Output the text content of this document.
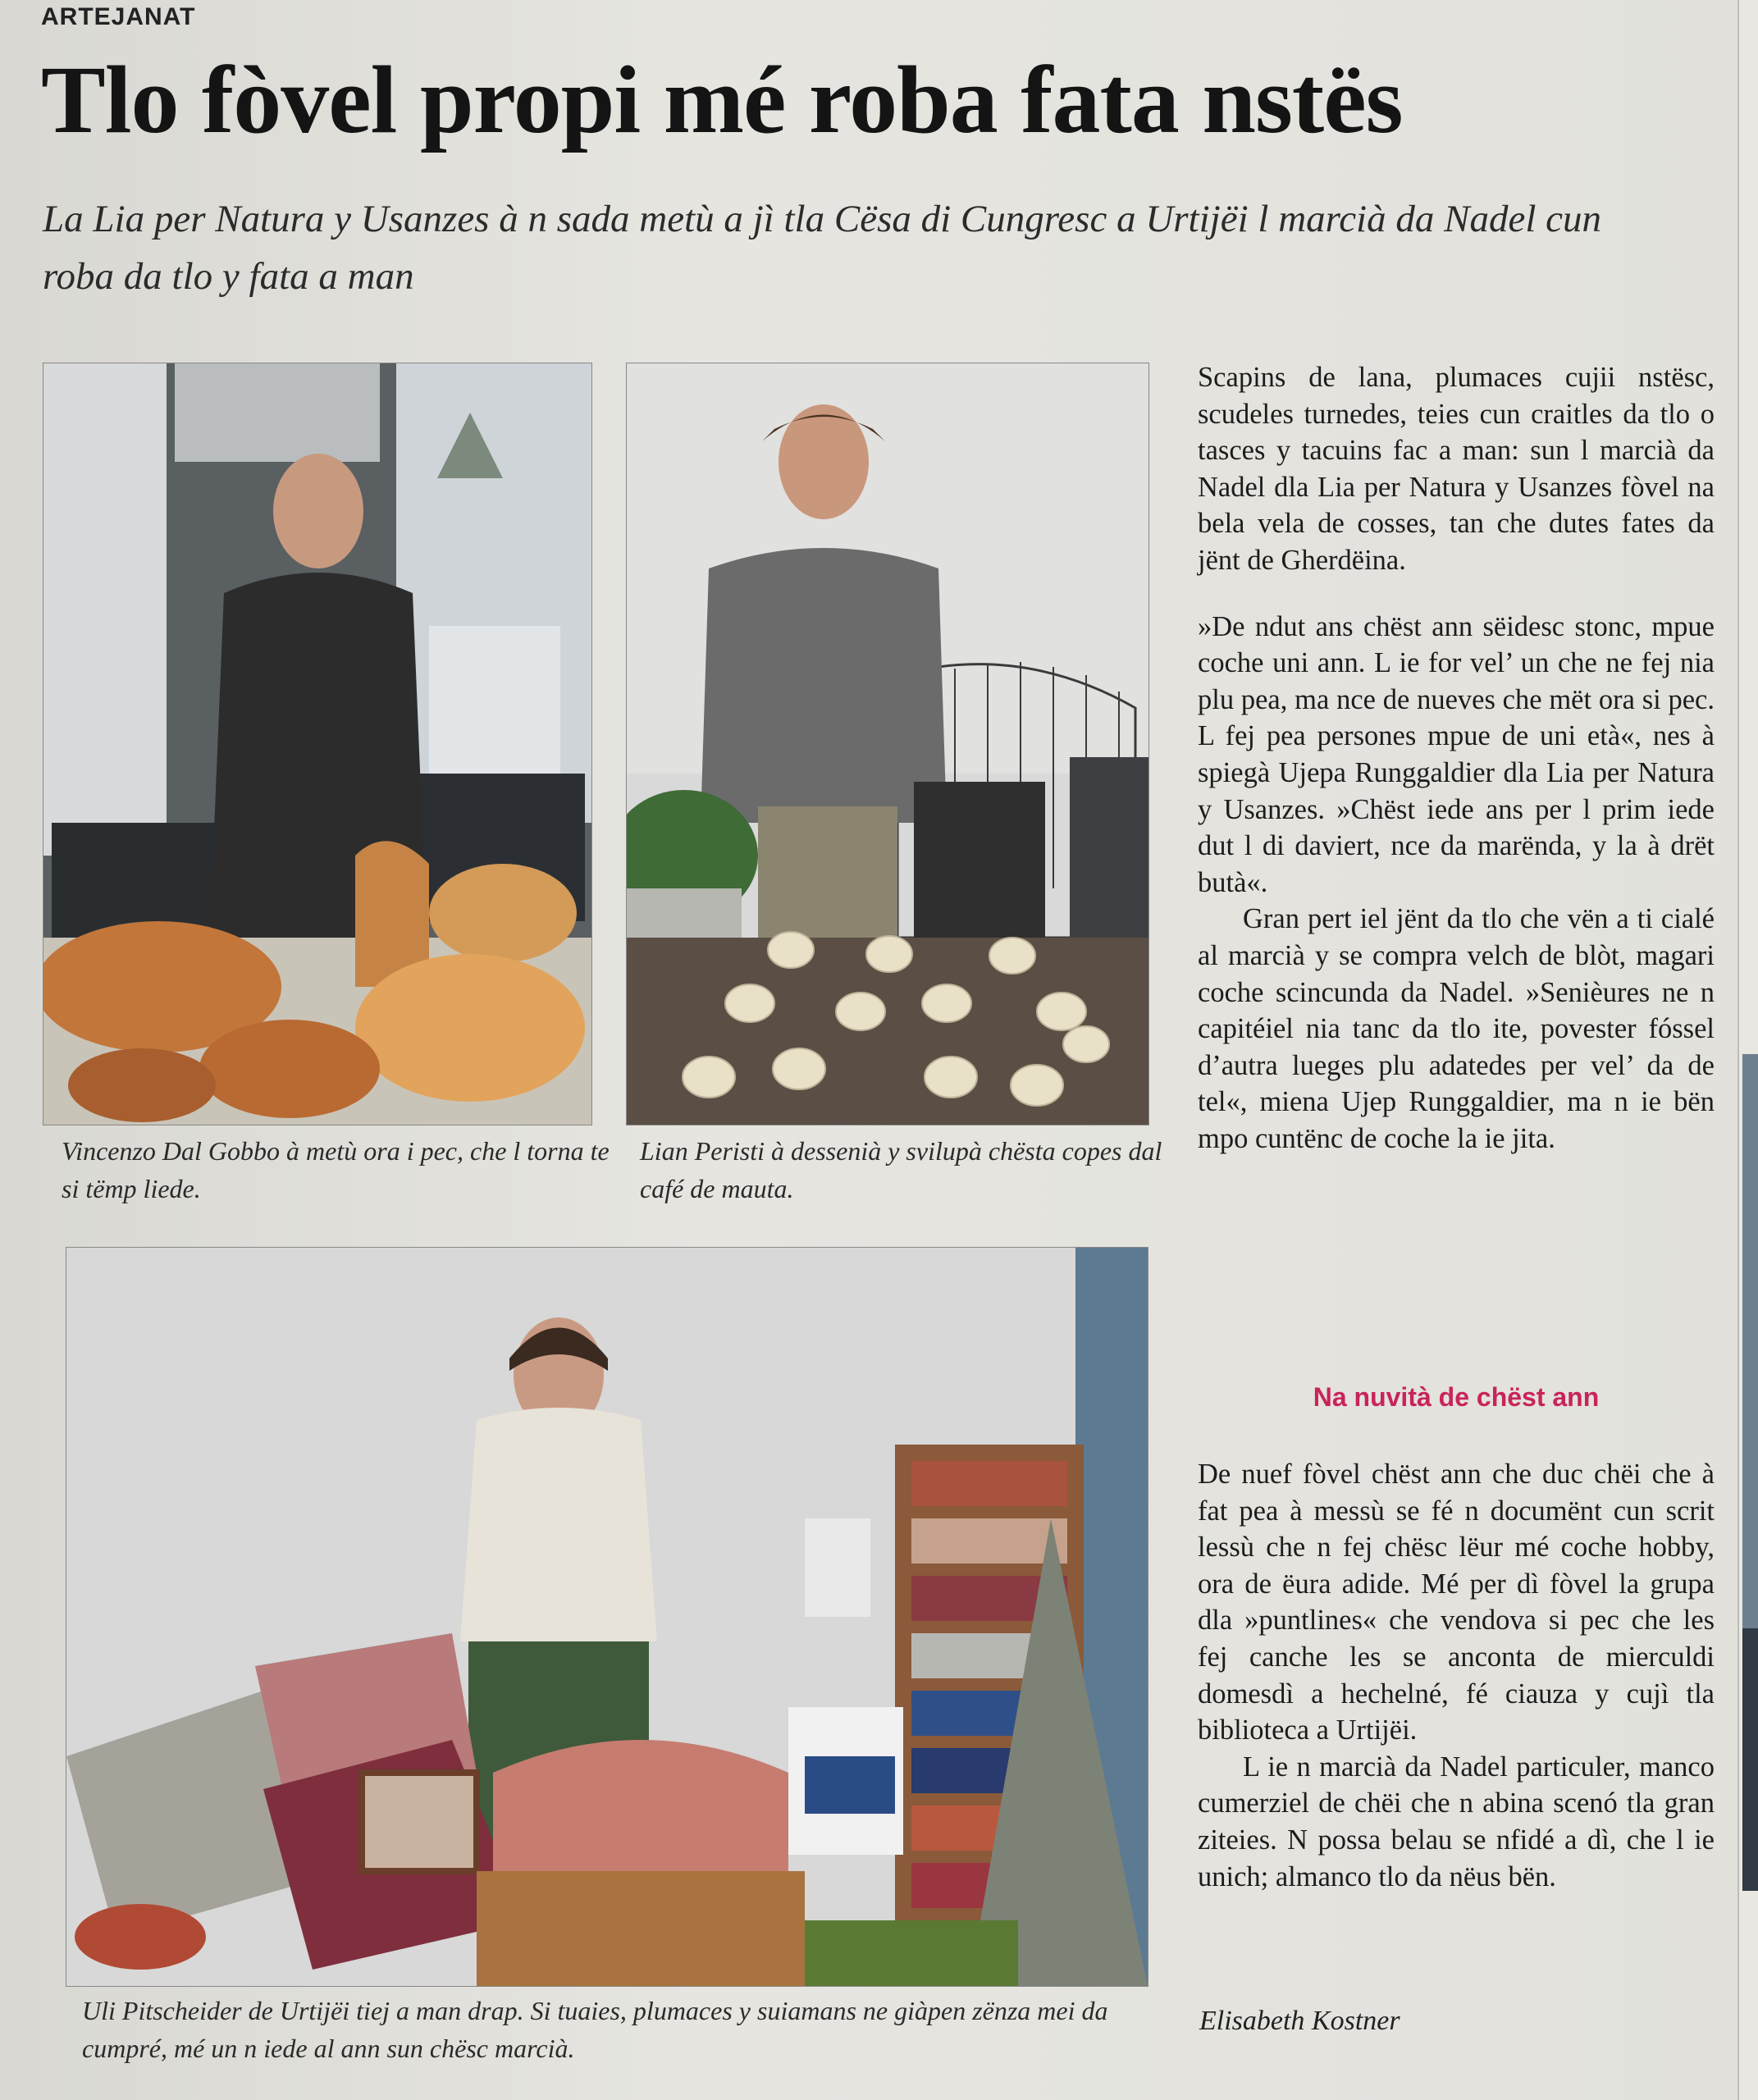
ARTEJANAT
Tlo fòvel propi mé roba fata nstës
La Lia per Natura y Usanzes à n sada metù a jì tla Cësa di Cungresc a Urtijëi l marcià da Nadel cun roba da tlo y fata a man
Vincenzo Dal Gobbo à metù ora i pec, che l torna te si tëmp liede.
Lian Peristi à dessenià y svilupà chësta copes dal café de mauta.
Uli Pitscheider de Urtijëi tiej a man drap. Si tuaies, plumaces y suiamans ne giàpen zënza mei da cumpré, mé un n iede al ann sun chësc marcià.

Scapins de lana, plumaces cujii nstësc, scudeles turnedes, teies cun craitles da tlo o tasces y tacuins fac a man: sun l marcià da Nadel dla Lia per Natura y Usanzes fòvel na bela vela de cosses, tan che dutes fates da jënt de Gherdëina.

»De ndut ans chëst ann sëidesc stonc, mpue coche uni ann. L ie for vel’ un che ne fej nia plu pea, ma nce de nueves che mët ora si pec. L fej pea persones mpue de uni età«, nes à spiegà Ujepa Runggaldier dla Lia per Natura y Usanzes. »Chëst iede ans per l prim iede dut l di daviert, nce da marënda, y la à drët butà«.

Gran pert iel jënt da tlo che vën a ti cialé al marcià y se compra velch de blòt, magari coche scincunda da Nadel. »Senièures ne n capitéiel nia tanc da tlo ite, povester fóssel d’autra lueges plu adatedes per vel’ da de tel«, miena Ujep Runggaldier, ma n ie bën mpo cuntënc de coche la ie jita.

Na nuvità de chëst ann

De nuef fòvel chëst ann che duc chëi che à fat pea à messù se fé n documënt cun scrit lessù che n fej chësc lëur mé coche hobby, ora de ëura adide. Mé per dì fòvel la grupa dla »puntlines« che vendova si pec che les fej canche les se anconta de mierculdi domesdì a hechelné, fé ciauza y cujì tla biblioteca a Urtijëi.

L ie n marcià da Nadel particuler, manco cumerziel de chëi che n abina scenó tla gran ziteies. N possa belau se nfidé a dì, che l ie unich; almanco tlo da nëus bën.

Elisabeth Kostner
